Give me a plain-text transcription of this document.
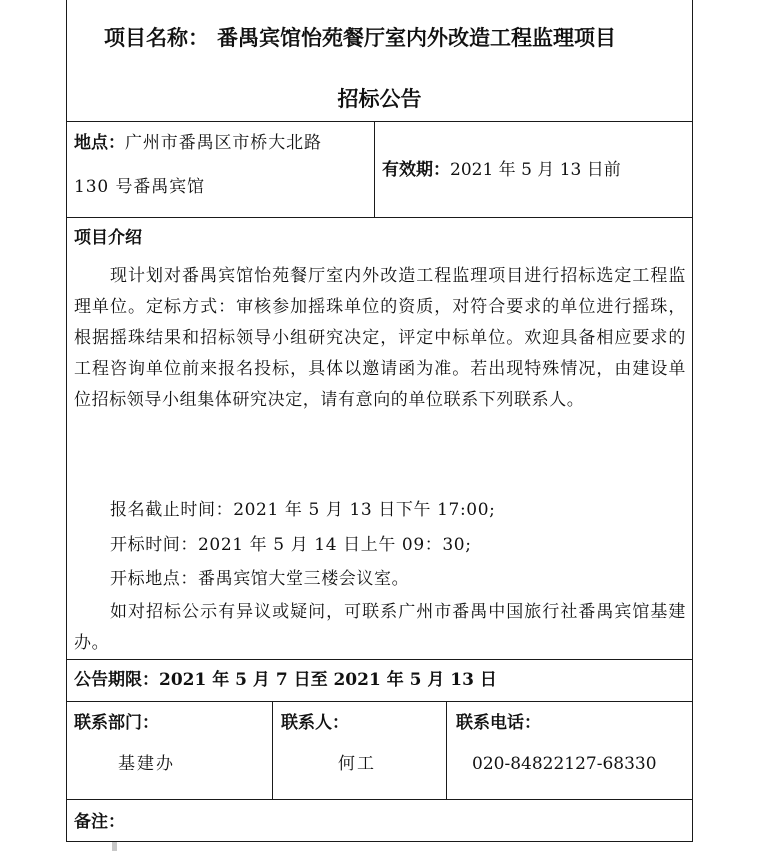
项目名称： 番禺宾馆怡苑餐厅室内外改造工程监理项目
招标公告
地点：广州市番禺区市桥大北路
130 号番禺宾馆
有效期：2021 年 5 月 13 日前
项目介绍
现计划对番禺宾馆怡苑餐厅室内外改造工程监理项目进行招标选定工程监理单位。定标方式：审核参加摇珠单位的资质，对符合要求的单位进行摇珠，根据摇珠结果和招标领导小组研究决定，评定中标单位。欢迎具备相应要求的工程咨询单位前来报名投标，具体以邀请函为准。若出现特殊情况，由建设单位招标领导小组集体研究决定，请有意向的单位联系下列联系人。
报名截止时间：2021 年 5 月 13 日下午 17:00;
开标时间：2021 年 5 月 14 日上午 09：30;
开标地点：番禺宾馆大堂三楼会议室。
如对招标公示有异议或疑问，可联系广州市番禺中国旅行社番禺宾馆基建办。
公告期限：2021 年 5 月 7 日至 2021 年 5 月 13 日
联系部门：
基建办
联系人：
何工
联系电话：
020-84822127-68330
备注：
